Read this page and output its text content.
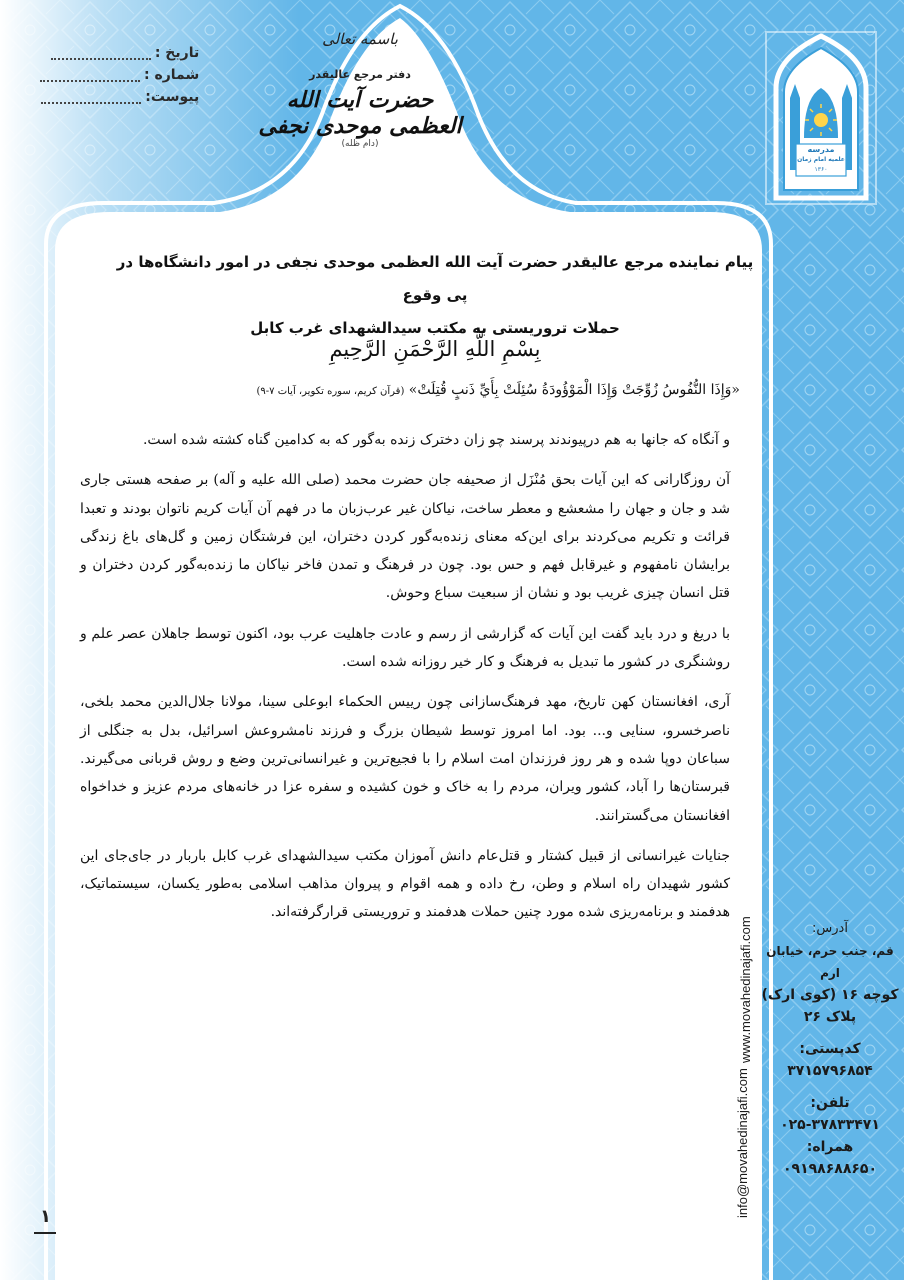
تاریخ :
شماره :
پیوست:
باسمه تعالی
دفتر مرجع عالیقدر
حضرت آیت الله العظمی موحدی نجفی
(دام ظله)
مدرسه
علمیه امام زمان
۱۳۶۰
پیام نماینده مرجع عالیقدر حضرت آیت الله العظمی موحدی نجفی در امور دانشگاه‌ها در پی وقوع
حملات تروریستی به مکتب سیدالشهدای غرب کابل
بِسْمِ اللَّهِ الرَّحْمَنِ الرَّحِيمِ
«وَإِذَا النُّفُوسُ زُوِّجَتْ وَإِذَا الْمَوْؤُودَةُ سُئِلَتْ بِأَيِّ ذَنبٍ قُتِلَتْ» (قرآن کریم، سوره تکویر، آیات ۷-۹)

و آنگاه که جانها به هم درپیوندند پرسند چو زان دخترک زنده به‌گور که به کدامین گناه کشته شده است.

آن روزگارانی که این آیات بحق مُنْزَل از صحیفه جان حضرت محمد (صلی الله علیه و آله) بر صفحه هستی جاری شد و جان و جهان را مشعشع و معطر ساخت، نیاکان غیر عرب‌زبان ما در فهم آن آیات کریم ناتوان بودند و تعبدا قرائت و تکریم می‌کردند برای این‌که معنای زنده‌به‌گور کردن دختران، این فرشتگان زمین و گل‌های باغ زندگی برایشان نامفهوم و غیرقابل فهم و حس بود. چون در فرهنگ و تمدن فاخر نیاکان ما زنده‌به‌گور کردن دختران و قتل انسان چیزی غریب بود و نشان از سبعیت سباع وحوش.

با دریغ و درد باید گفت این آیات که گزارشی از رسم و عادت جاهلیت عرب بود، اکنون توسط جاهلان عصر علم و روشنگری در کشور ما تبدیل به فرهنگ و کار خیر روزانه شده است.

آری، افغانستان کهن تاریخ، مهد فرهنگ‌سازانی چون رییس الحکماء ابوعلی سینا، مولانا جلال‌الدین محمد بلخی، ناصرخسرو، سنایی و... بود. اما امروز توسط شیطان بزرگ و فرزند نامشروعش اسرائیل، بدل به جنگلی از سباعان دوپا شده و هر روز فرزندان امت اسلام را با فجیع‌ترین و غیرانسانی‌ترین وضع و روش قربانی می‌گیرند. قبرستان‌ها را آباد، کشور ویران، مردم را به خاک و خون کشیده و سفره عزا در خانه‌های مردم عزیز و خداخواه افغانستان می‌گسترانند.

جنایات غیرانسانی از قبیل کشتار و قتل‌عام دانش آموزان مکتب سیدالشهدای غرب کابل باربار در جای‌جای این کشور شهیدان راه اسلام و وطن، رخ داده و همه اقوام و پیروان مذاهب اسلامی به‌طور یکسان، سیستماتیک، هدفمند و برنامه‌ریزی شده مورد چنین حملات هدفمند و تروریستی قرارگرفته‌اند.

www.movahedinajafi.com
info@movahedinajafi.com
آدرس:
قم، جنب حرم، خیابان ارم
کوچه ۱۶ (کوی ارک)
پلاک ۲۶
کدپستی:
۳۷۱۵۷۹۶۸۵۴
تلفن:
۰۲۵-۳۷۸۳۳۴۷۱
همراه:
۰۹۱۹۸۶۸۸۶۵۰
۱
